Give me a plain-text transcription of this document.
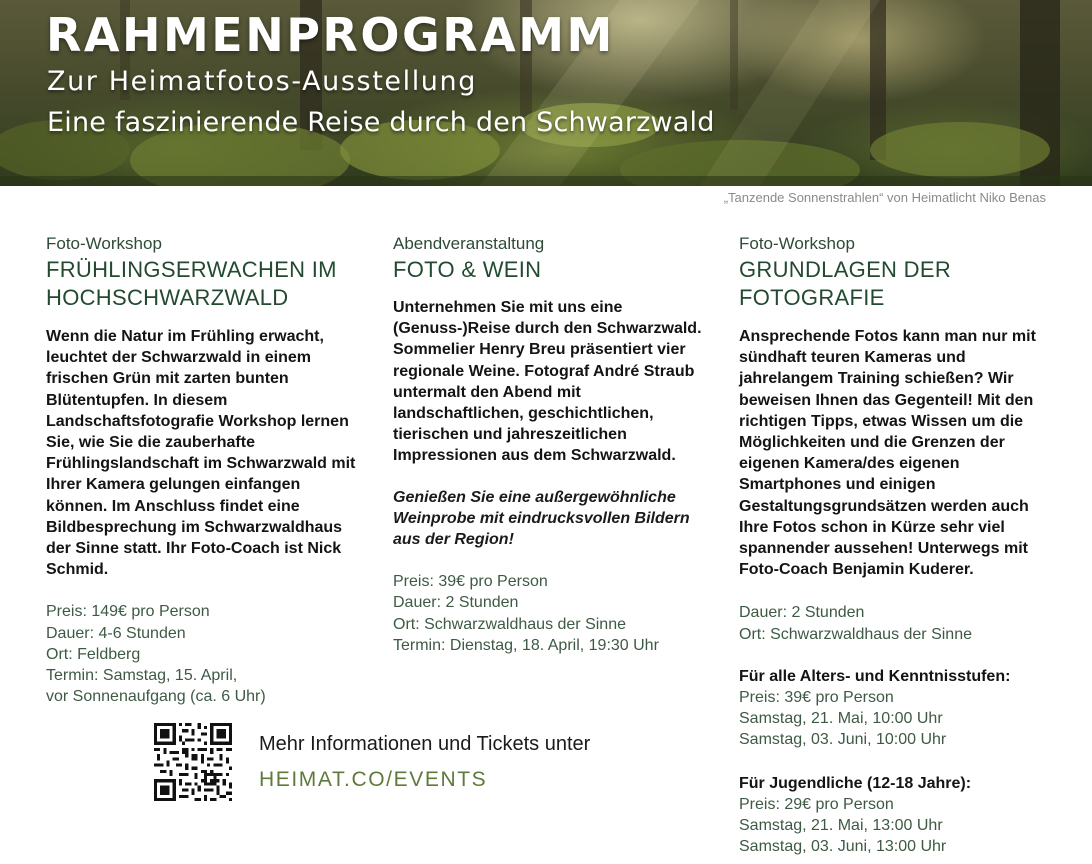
RAHMENPROGRAMM
Zur Heimatfotos-Ausstellung
Eine faszinierende Reise durch den Schwarzwald
„Tanzende Sonnenstrahlen“ von Heimatlicht Niko Benas
Foto-Workshop
FRÜHLINGSERWACHEN IM HOCHSCHWARZWALD
Wenn die Natur im Frühling erwacht, leuchtet der Schwarzwald in einem frischen Grün mit zarten bunten Blütentupfen. In diesem Landschaftsfotografie Workshop lernen Sie, wie Sie die zauberhafte Frühlingslandschaft im Schwarzwald mit Ihrer Kamera gelungen einfangen können. Im Anschluss findet eine Bildbesprechung im Schwarzwaldhaus der Sinne statt. Ihr Foto-Coach ist Nick Schmid.
Preis: 149€ pro Person
Dauer: 4-6 Stunden
Ort: Feldberg
Termin: Samstag, 15. April,
vor Sonnenaufgang (ca. 6 Uhr)
Abendveranstaltung
FOTO & WEIN
Unternehmen Sie mit uns eine (Genuss-)Reise durch den Schwarzwald. Sommelier Henry Breu präsentiert vier regionale Weine. Fotograf André Straub untermalt den Abend mit landschaftlichen, geschichtlichen, tierischen und jahreszeitlichen Impressionen aus dem Schwarzwald.
Genießen Sie eine außergewöhnliche Weinprobe mit eindrucksvollen Bildern aus der Region!
Preis: 39€ pro Person
Dauer: 2 Stunden
Ort: Schwarzwaldhaus der Sinne
Termin: Dienstag, 18. April, 19:30 Uhr
Foto-Workshop
GRUNDLAGEN DER FOTOGRAFIE
Ansprechende Fotos kann man nur mit sündhaft teuren Kameras und jahrelangem Training schießen? Wir beweisen Ihnen das Gegenteil! Mit den richtigen Tipps, etwas Wissen um die Möglichkeiten und die Grenzen der eigenen Kamera/des eigenen Smartphones und einigen Gestaltungsgrundsätzen werden auch Ihre Fotos schon in Kürze sehr viel spannender aussehen! Unterwegs mit Foto-Coach Benjamin Kuderer.
Dauer: 2 Stunden
Ort: Schwarzwaldhaus der Sinne
Für alle Alters- und Kenntnisstufen:
Preis: 39€ pro Person
Samstag, 21. Mai, 10:00 Uhr
Samstag, 03. Juni, 10:00 Uhr
Für Jugendliche (12-18 Jahre):
Preis: 29€ pro Person
Samstag, 21. Mai, 13:00 Uhr
Samstag, 03. Juni, 13:00 Uhr
Mehr Informationen und Tickets unter
HEIMAT.CO/EVENTS
